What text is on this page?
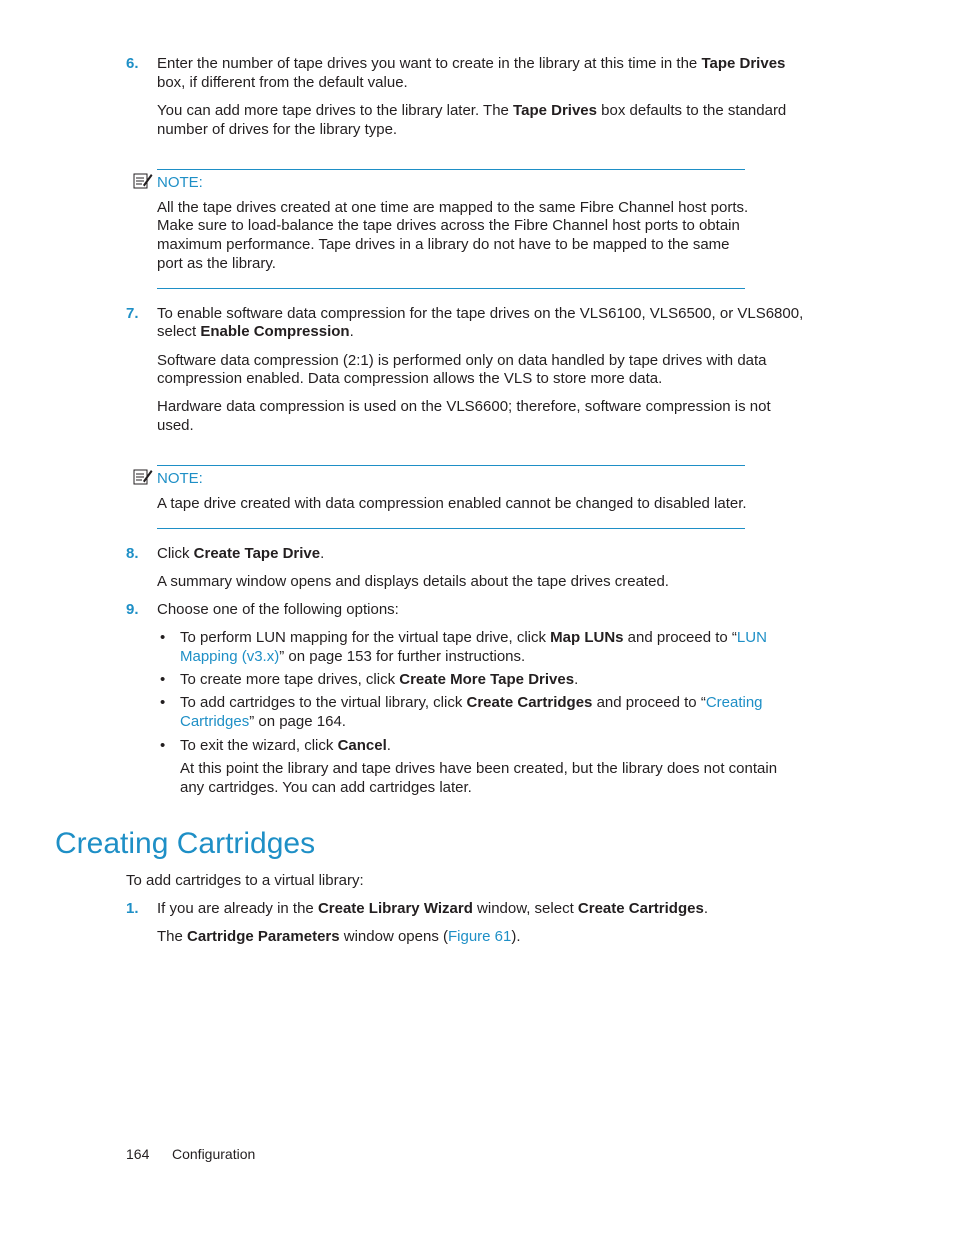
6. Enter the number of tape drives you want to create in the library at this time in the Tape Drives
box, if different from the default value.
You can add more tape drives to the library later. The Tape Drives box defaults to the standard
number of drives for the library type.
NOTE:
All the tape drives created at one time are mapped to the same Fibre Channel host ports.
Make sure to load-balance the tape drives across the Fibre Channel host ports to obtain
maximum performance. Tape drives in a library do not have to be mapped to the same
port as the library.
7. To enable software data compression for the tape drives on the VLS6100, VLS6500, or VLS6800,
select Enable Compression.
Software data compression (2:1) is performed only on data handled by tape drives with data
compression enabled. Data compression allows the VLS to store more data.
Hardware data compression is used on the VLS6600; therefore, software compression is not
used.
NOTE:
A tape drive created with data compression enabled cannot be changed to disabled later.
8. Click Create Tape Drive.
A summary window opens and displays details about the tape drives created.
9. Choose one of the following options:
• To perform LUN mapping for the virtual tape drive, click Map LUNs and proceed to “LUN
Mapping (v3.x)” on page 153 for further instructions.
• To create more tape drives, click Create More Tape Drives.
• To add cartridges to the virtual library, click Create Cartridges and proceed to “Creating
Cartridges” on page 164.
• To exit the wizard, click Cancel.
At this point the library and tape drives have been created, but the library does not contain
any cartridges. You can add cartridges later.
Creating Cartridges
To add cartridges to a virtual library:
1. If you are already in the Create Library Wizard window, select Create Cartridges.
The Cartridge Parameters window opens (Figure 61).
164 Configuration
